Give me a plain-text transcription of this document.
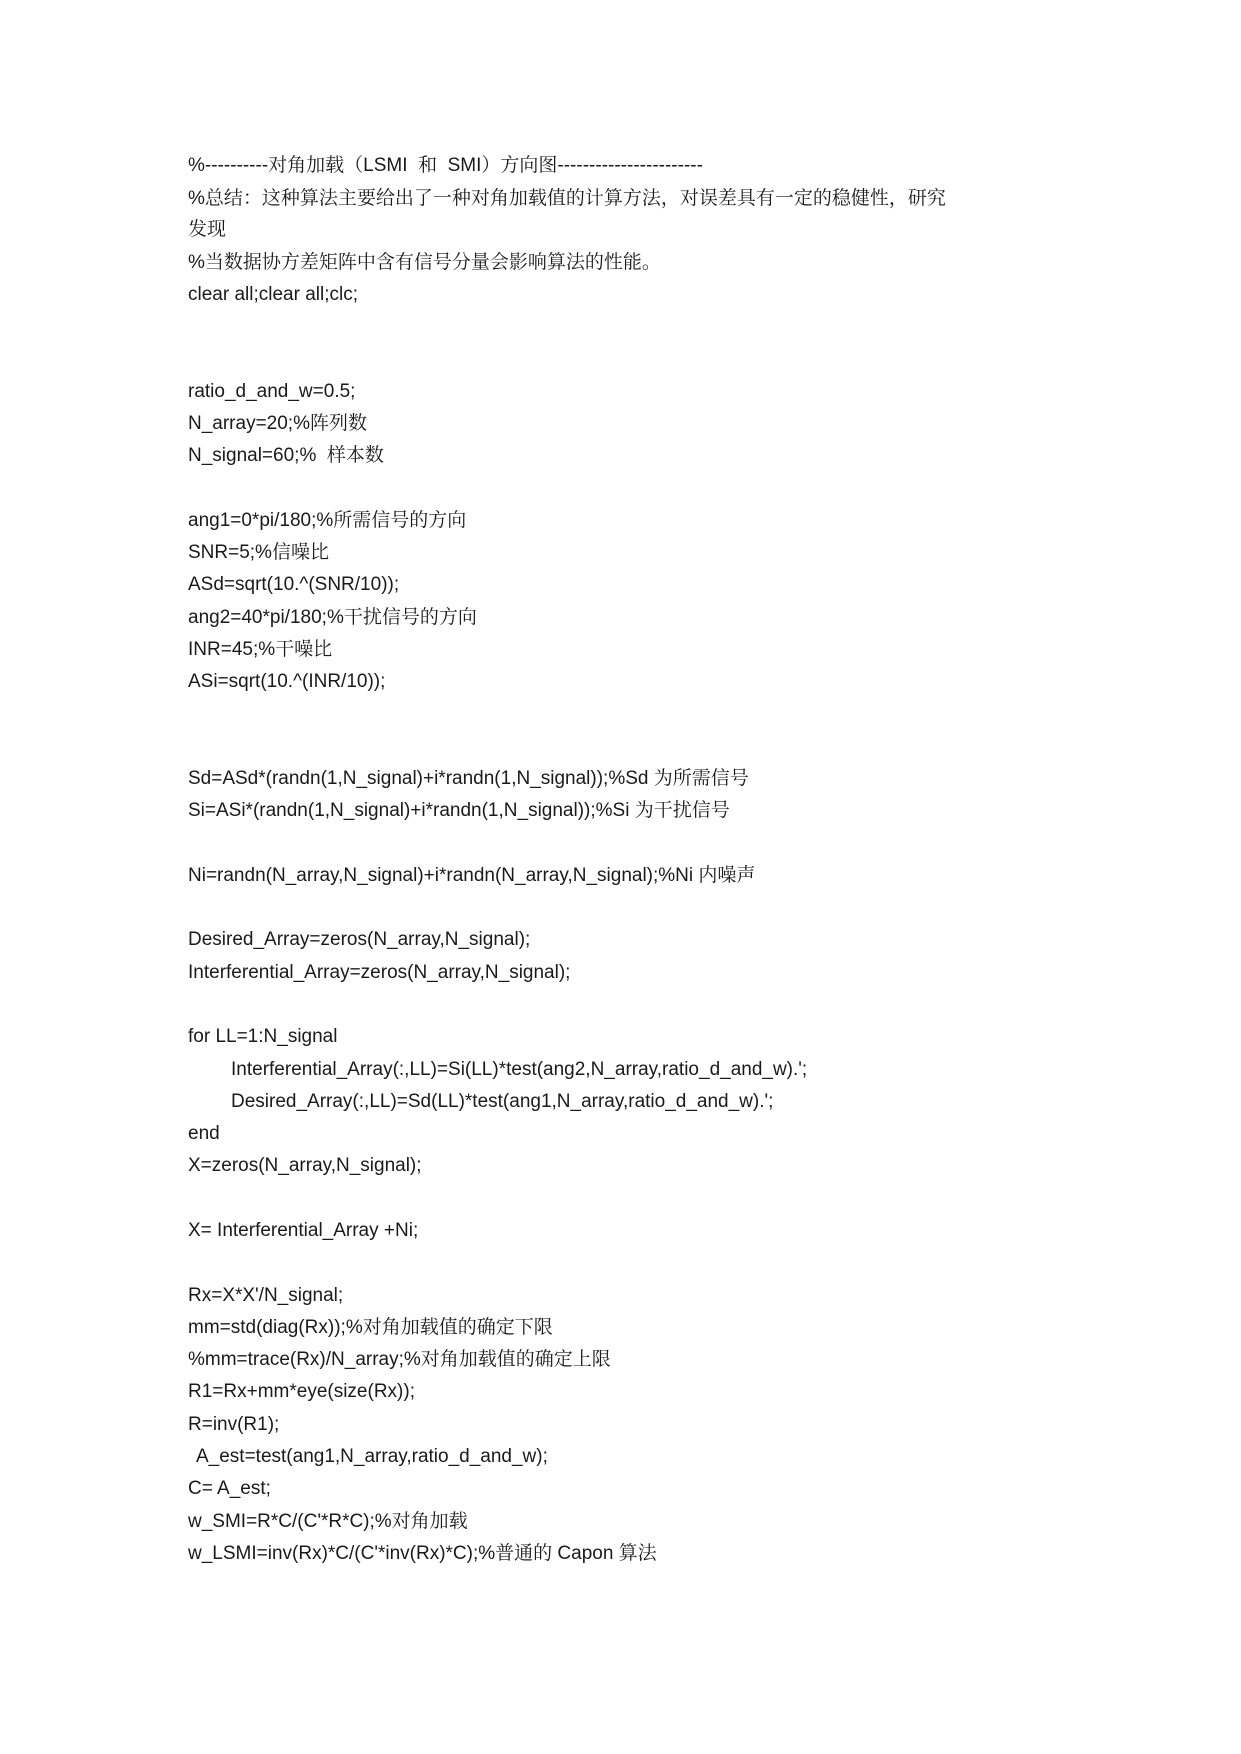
%----------对角加载（LSMI  和  SMI）方向图-----------------------
%总结：这种算法主要给出了一种对角加载值的计算方法，对误差具有一定的稳健性，研究
发现
%当数据协方差矩阵中含有信号分量会影响算法的性能。
clear all;clear all;clc;
ratio_d_and_w=0.5;
N_array=20;%阵列数
N_signal=60;%  样本数
ang1=0*pi/180;%所需信号的方向
SNR=5;%信噪比
ASd=sqrt(10.^(SNR/10));
ang2=40*pi/180;%干扰信号的方向
INR=45;%干噪比
ASi=sqrt(10.^(INR/10));
Sd=ASd*(randn(1,N_signal)+i*randn(1,N_signal));%Sd 为所需信号
Si=ASi*(randn(1,N_signal)+i*randn(1,N_signal));%Si 为干扰信号
Ni=randn(N_array,N_signal)+i*randn(N_array,N_signal);%Ni 内噪声
Desired_Array=zeros(N_array,N_signal);
Interferential_Array=zeros(N_array,N_signal);
for LL=1:N_signal
Interferential_Array(:,LL)=Si(LL)*test(ang2,N_array,ratio_d_and_w).';
Desired_Array(:,LL)=Sd(LL)*test(ang1,N_array,ratio_d_and_w).';
end
X=zeros(N_array,N_signal);
X= Interferential_Array +Ni;
Rx=X*X'/N_signal;
mm=std(diag(Rx));%对角加载值的确定下限
%mm=trace(Rx)/N_array;%对角加载值的确定上限
R1=Rx+mm*eye(size(Rx));
R=inv(R1);
A_est=test(ang1,N_array,ratio_d_and_w);
C= A_est;
w_SMI=R*C/(C'*R*C);%对角加载
w_LSMI=inv(Rx)*C/(C'*inv(Rx)*C);%普通的 Capon 算法
